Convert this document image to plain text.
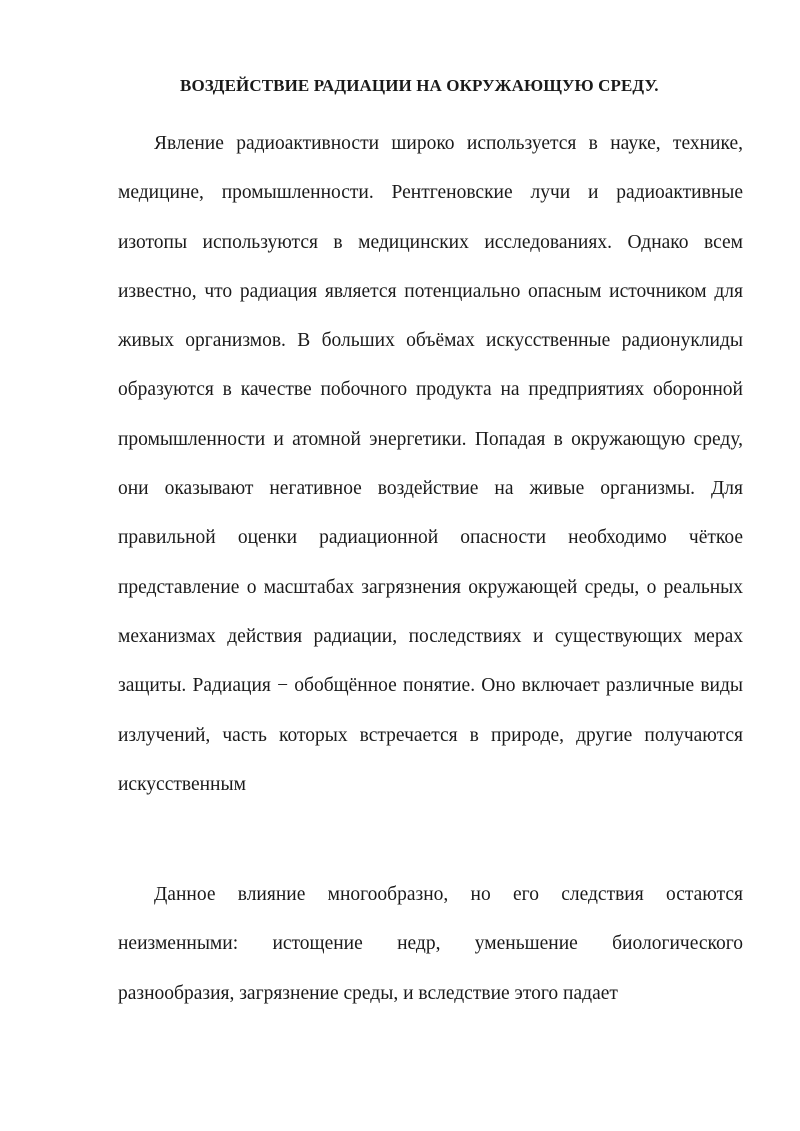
ВОЗДЕЙСТВИЕ РАДИАЦИИ НА ОКРУЖАЮЩУЮ СРЕДУ.

Явление радиоактивности широко используется в науке, технике, медицине, промышленности. Рентгеновские лучи и радиоактивные изотопы используются в медицинских исследованиях. Однако всем известно, что радиация является потенциально опасным источником для живых организмов. В больших объёмах искусственные радионуклиды образуются в качестве побочного продукта на предприятиях оборонной промышленности и атомной энергетики. Попадая в окружающую среду, они оказывают негативное воздействие на живые организмы. Для правильной оценки радиационной опасности необходимо чёткое представление о масштабах загрязнения окружающей среды, о реальных механизмах действия радиации, последствиях и существующих мерах защиты. Радиация − обобщённое понятие. Оно включает различные виды излучений, часть которых встречается в природе, другие получаются искусственным

Данное влияние многообразно, но его следствия остаются неизменными: истощение недр, уменьшение биологического разнообразия, загрязнение среды, и вследствие этого падает
